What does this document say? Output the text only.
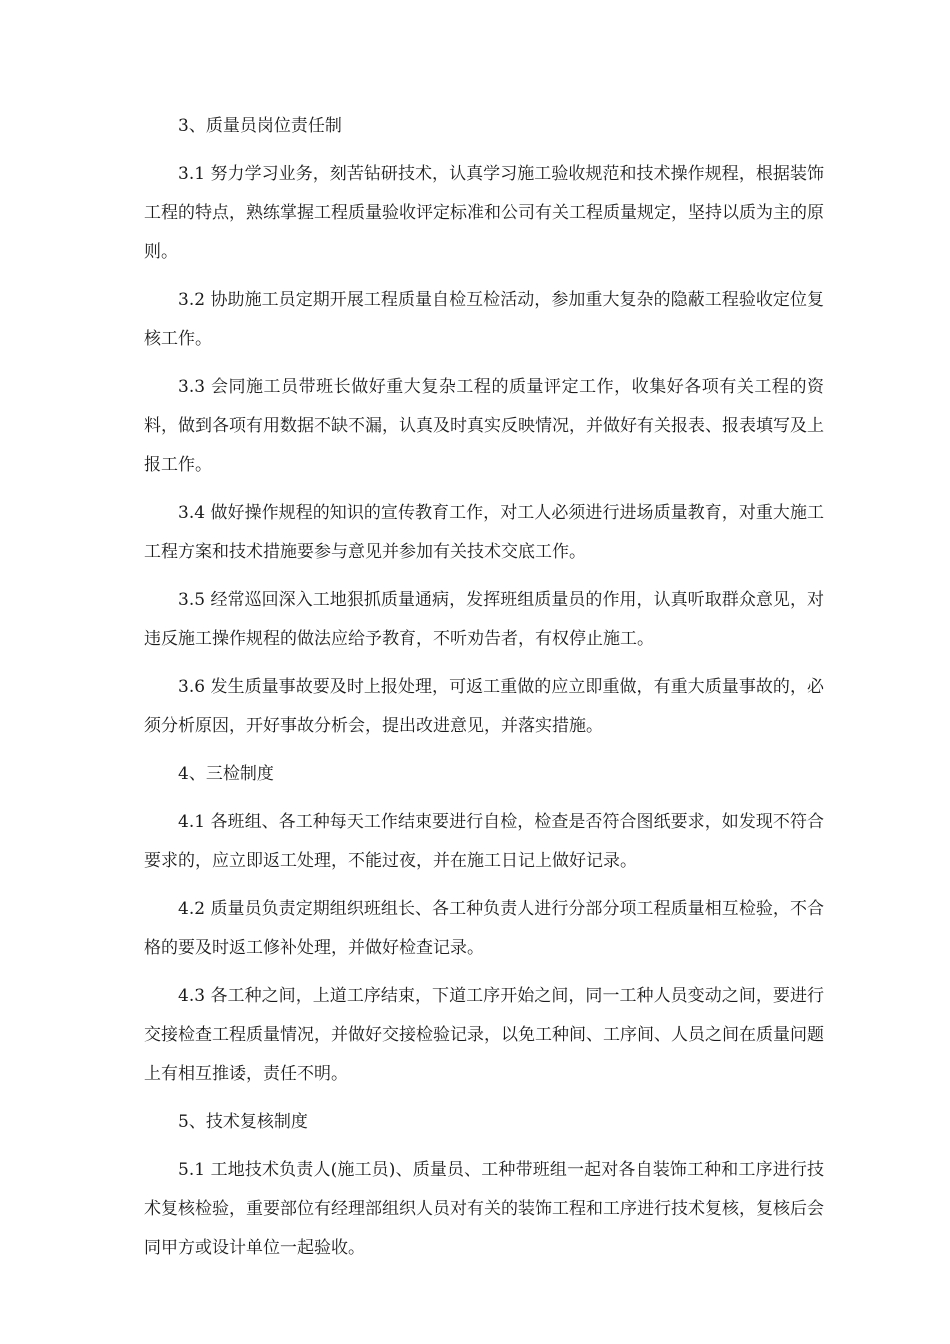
3、质量员岗位责任制

3.1 努力学习业务，刻苦钻研技术，认真学习施工验收规范和技术操作规程，根据装饰工程的特点，熟练掌握工程质量验收评定标准和公司有关工程质量规定，坚持以质为主的原则。

3.2 协助施工员定期开展工程质量自检互检活动，参加重大复杂的隐蔽工程验收定位复核工作。

3.3 会同施工员带班长做好重大复杂工程的质量评定工作，收集好各项有关工程的资料，做到各项有用数据不缺不漏，认真及时真实反映情况，并做好有关报表、报表填写及上报工作。

3.4 做好操作规程的知识的宣传教育工作，对工人必须进行进场质量教育，对重大施工工程方案和技术措施要参与意见并参加有关技术交底工作。

3.5 经常巡回深入工地狠抓质量通病，发挥班组质量员的作用，认真听取群众意见，对违反施工操作规程的做法应给予教育，不听劝告者，有权停止施工。

3.6 发生质量事故要及时上报处理，可返工重做的应立即重做，有重大质量事故的，必须分析原因，开好事故分析会，提出改进意见，并落实措施。

4、三检制度

4.1 各班组、各工种每天工作结束要进行自检，检查是否符合图纸要求，如发现不符合要求的，应立即返工处理，不能过夜，并在施工日记上做好记录。

4.2 质量员负责定期组织班组长、各工种负责人进行分部分项工程质量相互检验，不合格的要及时返工修补处理，并做好检查记录。

4.3 各工种之间，上道工序结束，下道工序开始之间，同一工种人员变动之间，要进行交接检查工程质量情况，并做好交接检验记录，以免工种间、工序间、人员之间在质量问题上有相互推诿，责任不明。

5、技术复核制度

5.1 工地技术负责人(施工员)、质量员、工种带班组一起对各自装饰工种和工序进行技术复核检验，重要部位有经理部组织人员对有关的装饰工程和工序进行技术复核，复核后会同甲方或设计单位一起验收。
